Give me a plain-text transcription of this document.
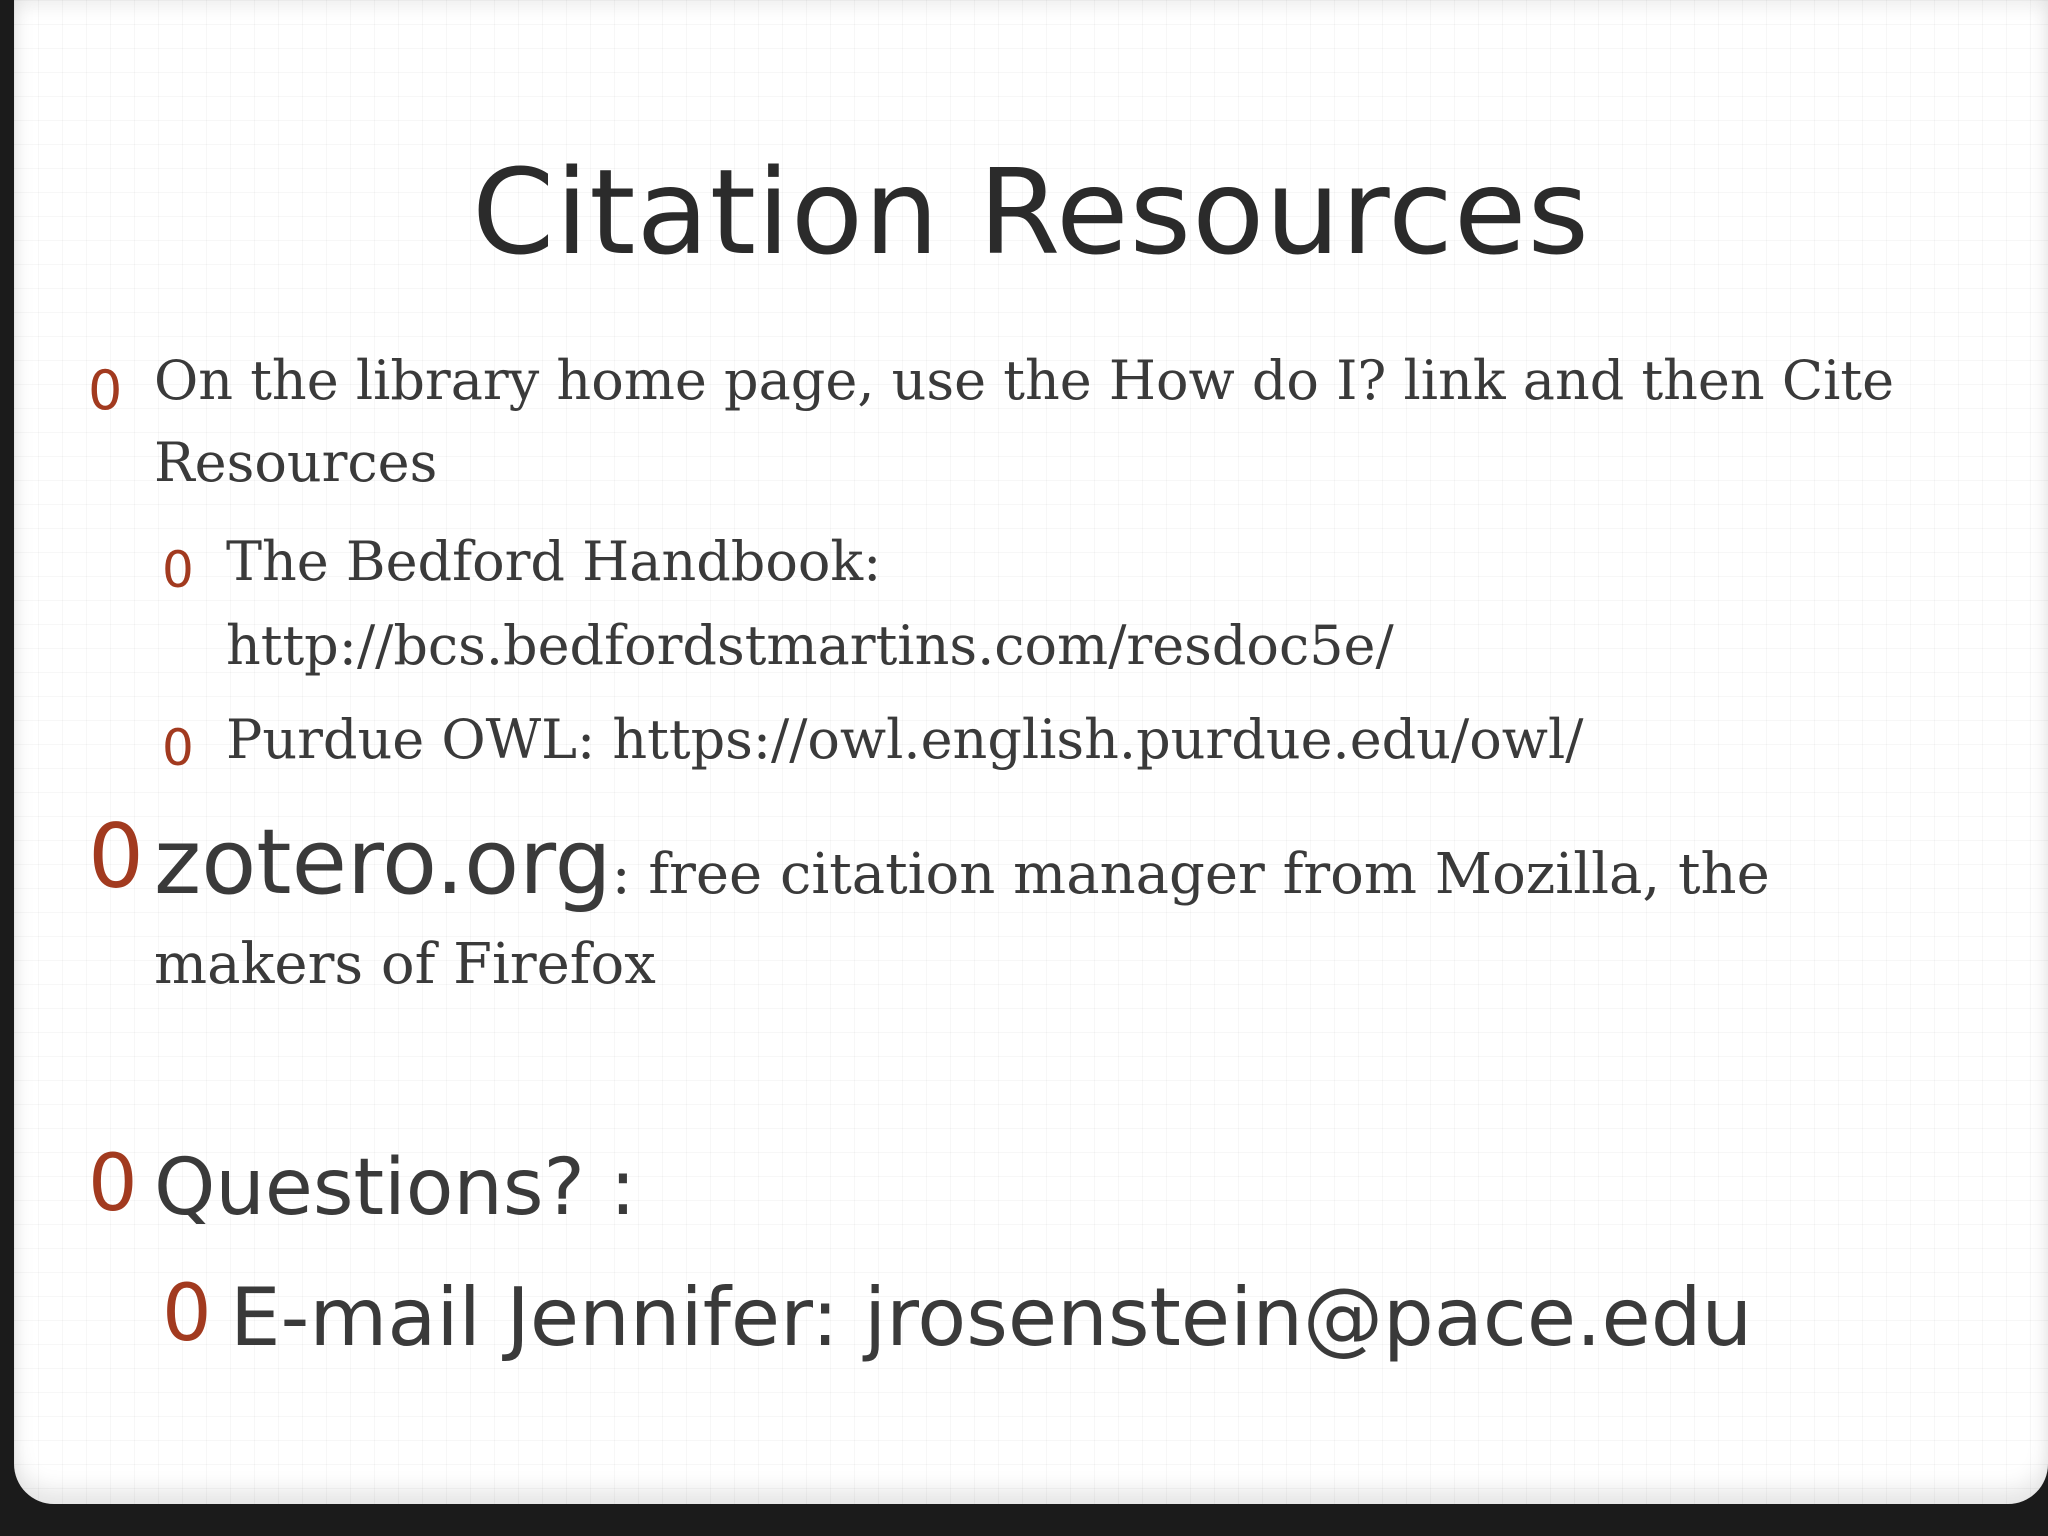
Citation Resources
0 On the library home page, use the How do I? link and then Cite Resources
0 The Bedford Handbook: http://bcs.bedfordstmartins.com/resdoc5e/
0 Purdue OWL: https://owl.english.purdue.edu/owl/
0 zotero.org: free citation manager from Mozilla, the makers of Firefox
0 Questions? :
0 E-mail Jennifer: jrosenstein@pace.edu
